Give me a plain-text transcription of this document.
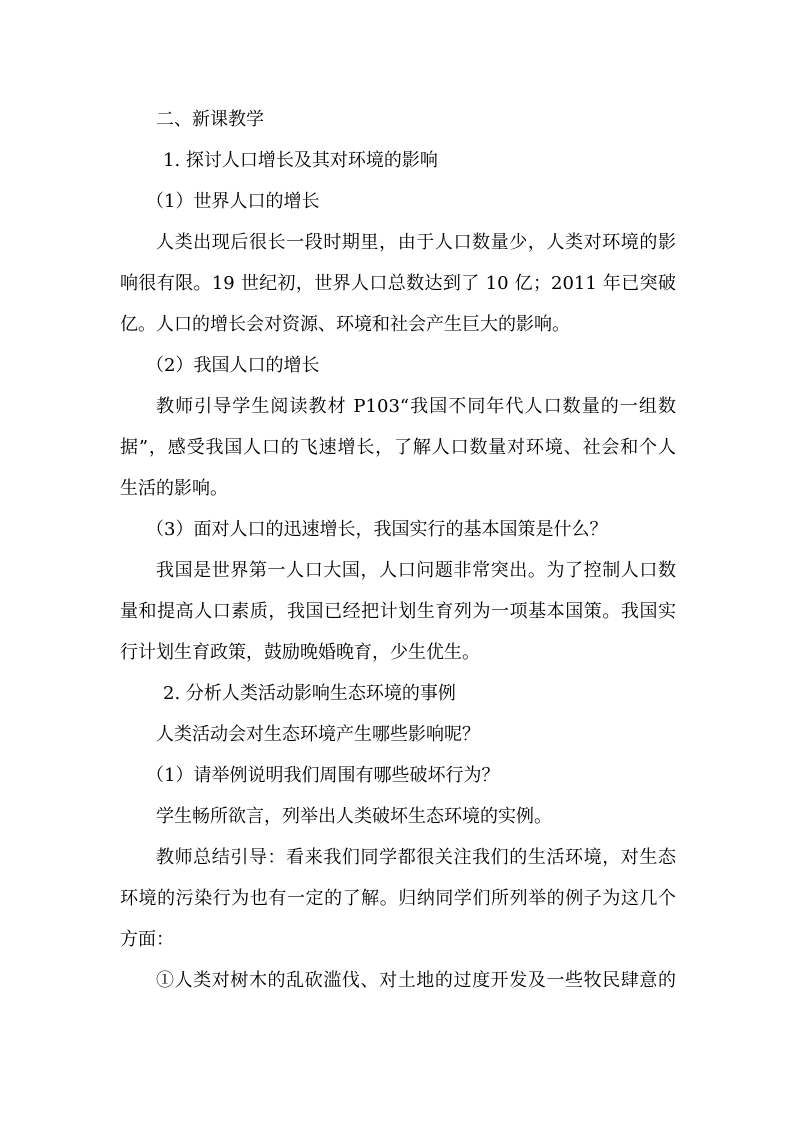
二、新课教学
1. 探讨人口增长及其对环境的影响
（1）世界人口的增长
人类出现后很长一段时期里，由于人口数量少，人类对环境的影
响很有限。19 世纪初，世界人口总数达到了 10 亿；2011 年已突破
亿。人口的增长会对资源、环境和社会产生巨大的影响。
（2）我国人口的增长
教师引导学生阅读教材 P103“我国不同年代人口数量的一组数
据”，感受我国人口的飞速增长，了解人口数量对环境、社会和个人
生活的影响。
（3）面对人口的迅速增长，我国实行的基本国策是什么？
我国是世界第一人口大国，人口问题非常突出。为了控制人口数
量和提高人口素质，我国已经把计划生育列为一项基本国策。我国实
行计划生育政策，鼓励晚婚晚育，少生优生。
2. 分析人类活动影响生态环境的事例
人类活动会对生态环境产生哪些影响呢？
（1）请举例说明我们周围有哪些破坏行为？
学生畅所欲言，列举出人类破坏生态环境的实例。
教师总结引导：看来我们同学都很关注我们的生活环境，对生态
环境的污染行为也有一定的了解。归纳同学们所列举的例子为这几个
方面：
①人类对树木的乱砍滥伐、对土地的过度开发及一些牧民肆意的
